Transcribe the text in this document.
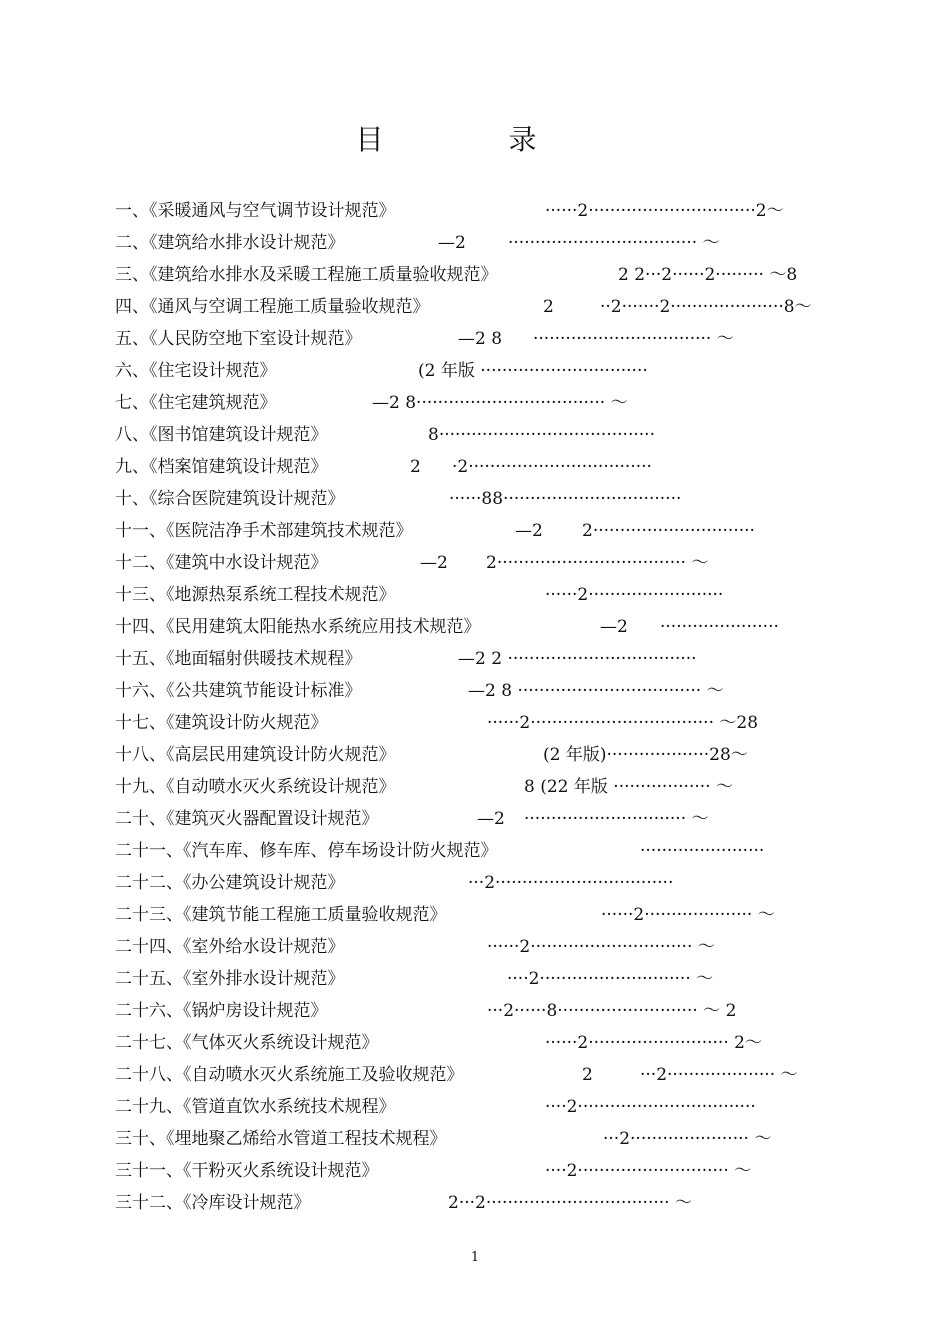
目 录
一、《采暖通风与空气调节设计规范》	······2·······························2～
二、《建筑给水排水设计规范》	—2 ··································· ～
三、《建筑给水排水及采暖工程施工质量验收规范》	2 2···2······2········· ～8
四、《通风与空调工程施工质量验收规范》	2	··2·······2·····················8～
五、《人民防空地下室设计规范》	—2 8 ································· ～
六、《住宅设计规范》	(2 年版 ·······························
七、《住宅建筑规范》	—2 8··································· ～
八、《图书馆建筑设计规范》	8········································
九、《档案馆建筑设计规范》	2 ·2··································
十、《综合医院建筑设计规范》	······88·································
十一、《医院洁净手术部建筑技术规范》	—2 2······························
十二、《建筑中水设计规范》	—2 2··································· ～
十三、《地源热泵系统工程技术规范》	······2·························
十四、《民用建筑太阳能热水系统应用技术规范》	—2 ······················
十五、《地面辐射供暖技术规程》	—2 2 ···································
十六、《公共建筑节能设计标准》	—2 8 ·································· ～
十七、《建筑设计防火规范》	······2·································· ～28
十八、《高层民用建筑设计防火规范》	(2 年版)···················28～
十九、《自动喷水灭火系统设计规范》	8 (22 年版 ·················· ～
二十、《建筑灭火器配置设计规范》	—2 ······························ ～
二十一、《汽车库、修车库、停车场设计防火规范》	·······················
二十二、《办公建筑设计规范》	···2·································
二十三、《建筑节能工程施工质量验收规范》	······2···················· ～
二十四、《室外给水设计规范》	······2······························ ～
二十五、《室外排水设计规范》	····2···························· ～
二十六、《锅炉房设计规范》	···2······8·························· ～ 2
二十七、《气体灭火系统设计规范》	······2·························· 2～
二十八、《自动喷水灭火系统施工及验收规范》	2	···2···················· ～
二十九、《管道直饮水系统技术规程》	····2·································
三十、《埋地聚乙烯给水管道工程技术规程》	···2······················ ～
三十一、《干粉灭火系统设计规范》	····2···························· ～
三十二、《冷库设计规范》	2···2·································· ～
1
